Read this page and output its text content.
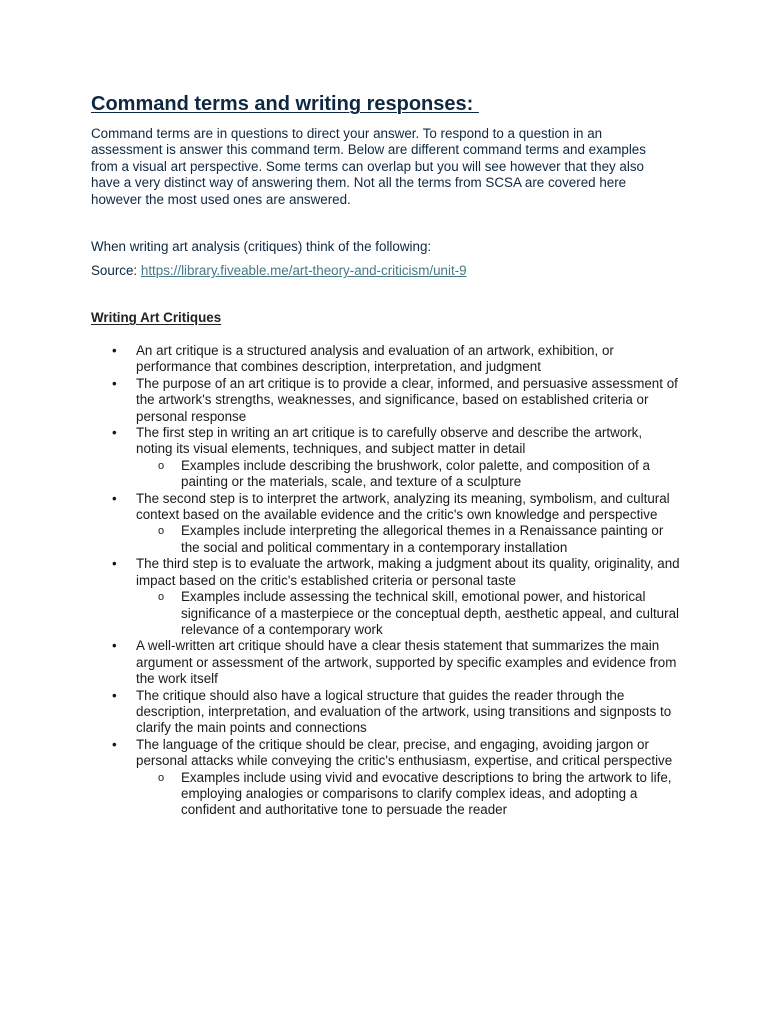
Command terms and writing responses:

Command terms are in questions to direct your answer. To respond to a question in an assessment is answer this command term. Below are different command terms and examples from a visual art perspective. Some terms can overlap but you will see however that they also have a very distinct way of answering them. Not all the terms from SCSA are covered here however the most used ones are answered.

When writing art analysis (critiques) think of the following:

Source: https://library.fiveable.me/art-theory-and-criticism/unit-9

Writing Art Critiques
• An art critique is a structured analysis and evaluation of an artwork, exhibition, or performance that combines description, interpretation, and judgment
• The purpose of an art critique is to provide a clear, informed, and persuasive assessment of the artwork's strengths, weaknesses, and significance, based on established criteria or personal response
• The first step in writing an art critique is to carefully observe and describe the artwork, noting its visual elements, techniques, and subject matter in detail
o Examples include describing the brushwork, color palette, and composition of a painting or the materials, scale, and texture of a sculpture
• The second step is to interpret the artwork, analyzing its meaning, symbolism, and cultural context based on the available evidence and the critic's own knowledge and perspective
o Examples include interpreting the allegorical themes in a Renaissance painting or the social and political commentary in a contemporary installation
• The third step is to evaluate the artwork, making a judgment about its quality, originality, and impact based on the critic's established criteria or personal taste
o Examples include assessing the technical skill, emotional power, and historical significance of a masterpiece or the conceptual depth, aesthetic appeal, and cultural relevance of a contemporary work
• A well-written art critique should have a clear thesis statement that summarizes the main argument or assessment of the artwork, supported by specific examples and evidence from the work itself
• The critique should also have a logical structure that guides the reader through the description, interpretation, and evaluation of the artwork, using transitions and signposts to clarify the main points and connections
• The language of the critique should be clear, precise, and engaging, avoiding jargon or personal attacks while conveying the critic's enthusiasm, expertise, and critical perspective
o Examples include using vivid and evocative descriptions to bring the artwork to life, employing analogies or comparisons to clarify complex ideas, and adopting a confident and authoritative tone to persuade the reader
